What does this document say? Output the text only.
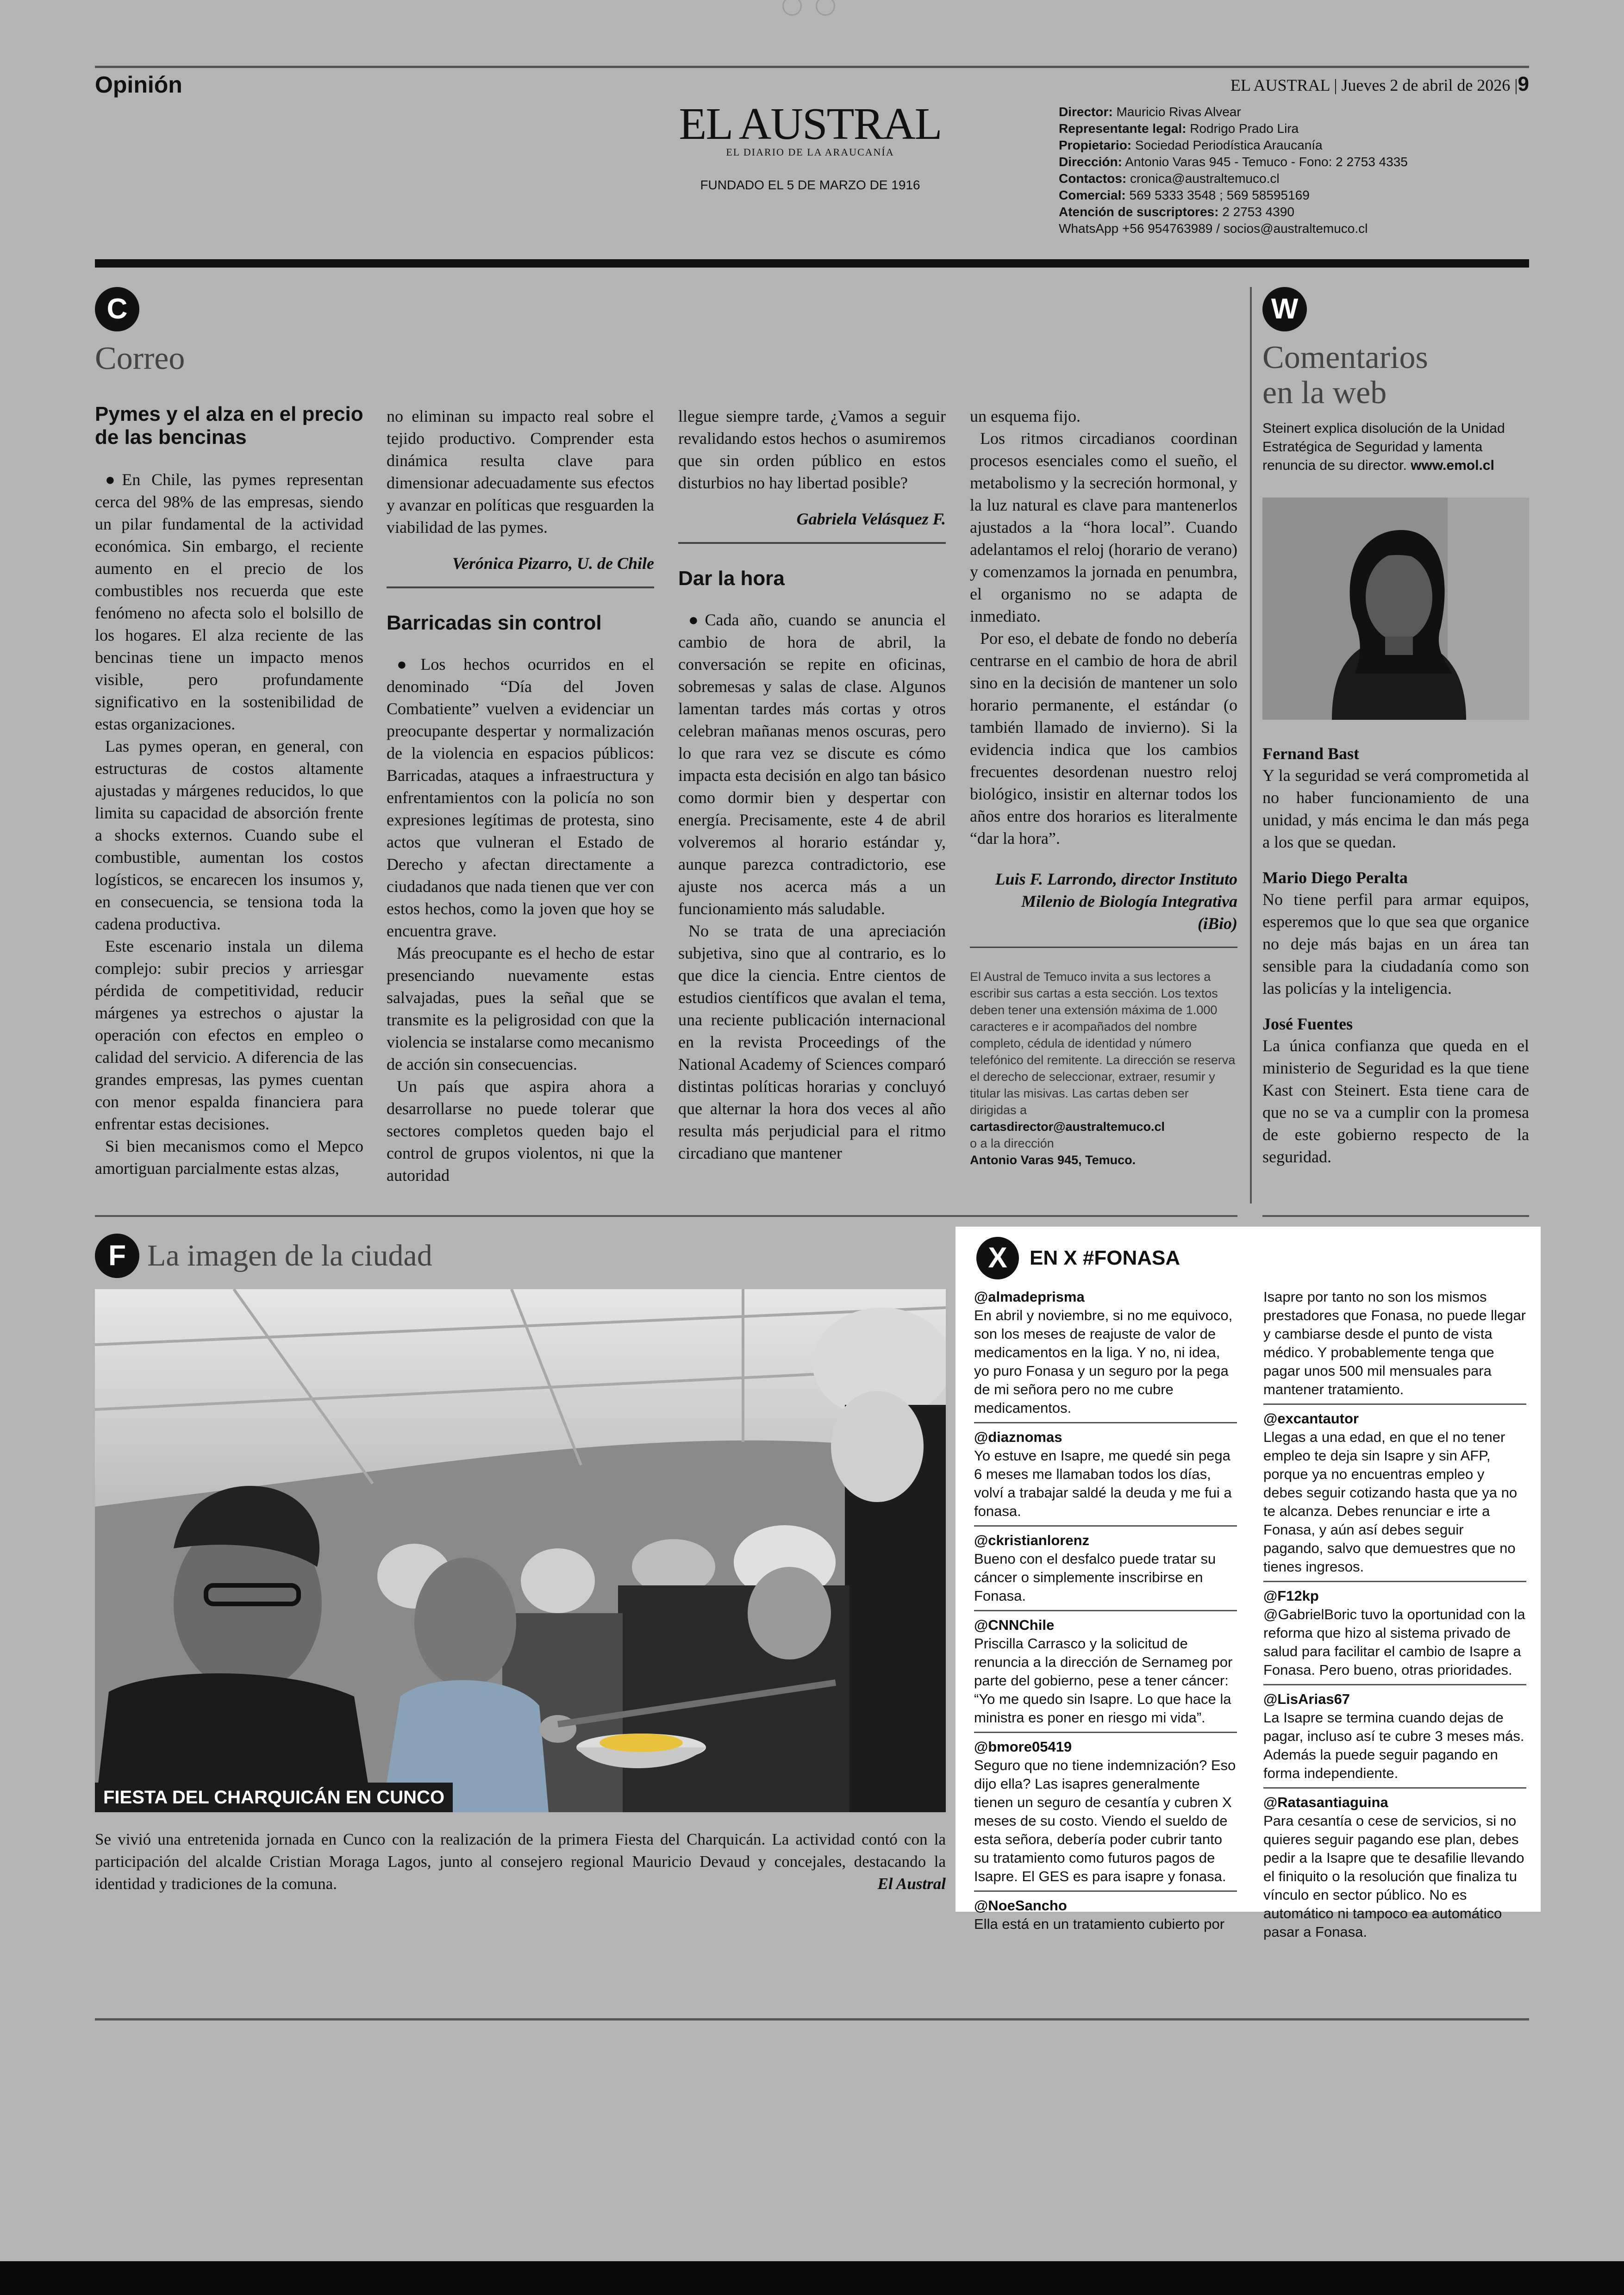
Opinión	EL AUSTRAL | Jueves 2 de abril de 2026 |9
EL AUSTRAL
EL DIARIO DE LA ARAUCANÍA
FUNDADO EL 5 DE MARZO DE 1916
Director: Mauricio Rivas Alvear
Representante legal: Rodrigo Prado Lira
Propietario: Sociedad Periodística Araucanía
Dirección: Antonio Varas 945 - Temuco - Fono: 2 2753 4335
Contactos: cronica@australtemuco.cl
Comercial: 569 5333 3548 ; 569 58595169
Atención de suscriptores: 2 2753 4390
WhatsApp +56 954763989 / socios@australtemuco.cl
C
Correo
Pymes y el alza en el precio de las bencinas

●En Chile, las pymes representan cerca del 98% de las empresas, siendo un pilar fundamental de la actividad económica. Sin embargo, el reciente aumento en el precio de los combustibles nos recuerda que este fenómeno no afecta solo el bolsillo de los hogares. El alza reciente de las bencinas tiene un impacto menos visible, pero profundamente significativo en la sostenibilidad de estas organizaciones.

Las pymes operan, en general, con estructuras de costos altamente ajustadas y márgenes reducidos, lo que limita su capacidad de absorción frente a shocks externos. Cuando sube el combustible, aumentan los costos logísticos, se encarecen los insumos y, en consecuencia, se tensiona toda la cadena productiva.

Este escenario instala un dilema complejo: subir precios y arriesgar pérdida de competitividad, reducir márgenes ya estrechos o ajustar la operación con efectos en empleo o calidad del servicio. A diferencia de las grandes empresas, las pymes cuentan con menor espalda financiera para enfrentar estas decisiones.

Si bien mecanismos como el Mepco amortiguan parcialmente estas alzas,

no eliminan su impacto real sobre el tejido productivo. Comprender esta dinámica resulta clave para dimensionar adecuadamente sus efectos y avanzar en políticas que resguarden la viabilidad de las pymes.

Verónica Pizarro, U. de Chile
Barricadas sin control

●Los hechos ocurridos en el denominado “Día del Joven Combatiente” vuelven a evidenciar un preocupante despertar y normalización de la violencia en espacios públicos: Barricadas, ataques a infraestructura y enfrentamientos con la policía no son expresiones legítimas de protesta, sino actos que vulneran el Estado de Derecho y afectan directamente a ciudadanos que nada tienen que ver con estos hechos, como la joven que hoy se encuentra grave.

Más preocupante es el hecho de estar presenciando nuevamente estas salvajadas, pues la señal que se transmite es la peligrosidad con que la violencia se instalarse como mecanismo de acción sin consecuencias.

Un país que aspira ahora a desarrollarse no puede tolerar que sectores completos queden bajo el control de grupos violentos, ni que la autoridad

llegue siempre tarde, ¿Vamos a seguir revalidando estos hechos o asumiremos que sin orden público en estos disturbios no hay libertad posible?

Gabriela Velásquez F.
Dar la hora

●Cada año, cuando se anuncia el cambio de hora de abril, la conversación se repite en oficinas, sobremesas y salas de clase. Algunos lamentan tardes más cortas y otros celebran mañanas menos oscuras, pero lo que rara vez se discute es cómo impacta esta decisión en algo tan básico como dormir bien y despertar con energía. Precisamente, este 4 de abril volveremos al horario estándar y, aunque parezca contradictorio, ese ajuste nos acerca más a un funcionamiento más saludable.

No se trata de una apreciación subjetiva, sino que al contrario, es lo que dice la ciencia. Entre cientos de estudios científicos que avalan el tema, una reciente publicación internacional en la revista Proceedings of the National Academy of Sciences comparó distintas políticas horarias y concluyó que alternar la hora dos veces al año resulta más perjudicial para el ritmo circadiano que mantener

un esquema fijo.

Los ritmos circadianos coordinan procesos esenciales como el sueño, el metabolismo y la secreción hormonal, y la luz natural es clave para mantenerlos ajustados a la “hora local”. Cuando adelantamos el reloj (horario de verano) y comenzamos la jornada en penumbra, el organismo no se adapta de inmediato.

Por eso, el debate de fondo no debería centrarse en el cambio de hora de abril sino en la decisión de mantener un solo horario permanente, el estándar (o también llamado de invierno). Si la evidencia indica que los cambios frecuentes desordenan nuestro reloj biológico, insistir en alternar todos los años entre dos horarios es literalmente “dar la hora”.

Luis F. Larrondo, director Instituto
Milenio de Biología Integrativa
(iBio)
El Austral de Temuco invita a sus lectores a escribir sus cartas a esta sección. Los textos deben tener una extensión máxima de 1.000 caracteres e ir acompañados del nombre completo, cédula de identidad y número telefónico del remitente. La dirección se reserva el derecho de seleccionar, extraer, resumir y titular las misivas. Las cartas deben ser dirigidas a
cartasdirector@australtemuco.cl
o a la dirección
Antonio Varas 945, Temuco.
W
Comentarios
en la web
Steinert explica disolución de la Unidad Estratégica de Seguridad y lamenta renuncia de su director. www.emol.cl
Fernand Bast
Y la seguridad se verá comprometida al no haber funcionamiento de una unidad, y más encima le dan más pega a los que se quedan.
Mario Diego Peralta
No tiene perfil para armar equipos, esperemos que lo que sea que organice no deje más bajas en un área tan sensible para la ciudadanía como son las policías y la inteligencia.
José Fuentes
La única confianza que queda en el ministerio de Seguridad es la que tiene Kast con Steinert. Esta tiene cara de que no se va a cumplir con la promesa de este gobierno respecto de la seguridad.
F La imagen de la ciudad
FIESTA DEL CHARQUICÁN EN CUNCO
Se vivió una entretenida jornada en Cunco con la realización de la primera Fiesta del Charquicán. La actividad contó con la participación del alcalde Cristian Moraga Lagos, junto al consejero regional Mauricio Devaud y concejales, destacando la identidad y tradiciones de la comuna.	El Austral
X	EN X #FONASA
@almadeprisma
En abril y noviembre, si no me equivoco, son los meses de reajuste de valor de medicamentos en la liga. Y no, ni idea, yo puro Fonasa y un seguro por la pega de mi señora pero no me cubre medicamentos.
@diaznomas
Yo estuve en Isapre, me quedé sin pega 6 meses me llamaban todos los días, volví a trabajar saldé la deuda y me fui a fonasa.
@ckristianlorenz
Bueno con el desfalco puede tratar su cáncer o simplemente inscribirse en Fonasa.
@CNNChile
Priscilla Carrasco y la solicitud de renuncia a la dirección de Sernameg por parte del gobierno, pese a tener cáncer: “Yo me quedo sin Isapre. Lo que hace la ministra es poner en riesgo mi vida”.
@bmore05419
Seguro que no tiene indemnización? Eso dijo ella? Las isapres generalmente tienen un seguro de cesantía y cubren X meses de su costo. Viendo el sueldo de esta señora, debería poder cubrir tanto su tratamiento como futuros pagos de Isapre. El GES es para isapre y fonasa.
@NoeSancho
Ella está en un tratamiento cubierto por
Isapre por tanto no son los mismos prestadores que Fonasa, no puede llegar y cambiarse desde el punto de vista médico. Y probablemente tenga que pagar unos 500 mil mensuales para mantener tratamiento.
@excantautor
Llegas a una edad, en que el no tener empleo te deja sin Isapre y sin AFP, porque ya no encuentras empleo y debes seguir cotizando hasta que ya no te alcanza. Debes renunciar e irte a Fonasa, y aún así debes seguir pagando, salvo que demuestres que no tienes ingresos.
@F12kp
@GabrielBoric tuvo la oportunidad con la reforma que hizo al sistema privado de salud para facilitar el cambio de Isapre a Fonasa. Pero bueno, otras prioridades.
@LisArias67
La Isapre se termina cuando dejas de pagar, incluso así te cubre 3 meses más. Además la puede seguir pagando en forma independiente.
@Ratasantiaguina
Para cesantía o cese de servicios, si no quieres seguir pagando ese plan, debes pedir a la Isapre que te desafilie llevando el finiquito o la resolución que finaliza tu vínculo en sector público. No es automático ni tampoco ea automático pasar a Fonasa.
